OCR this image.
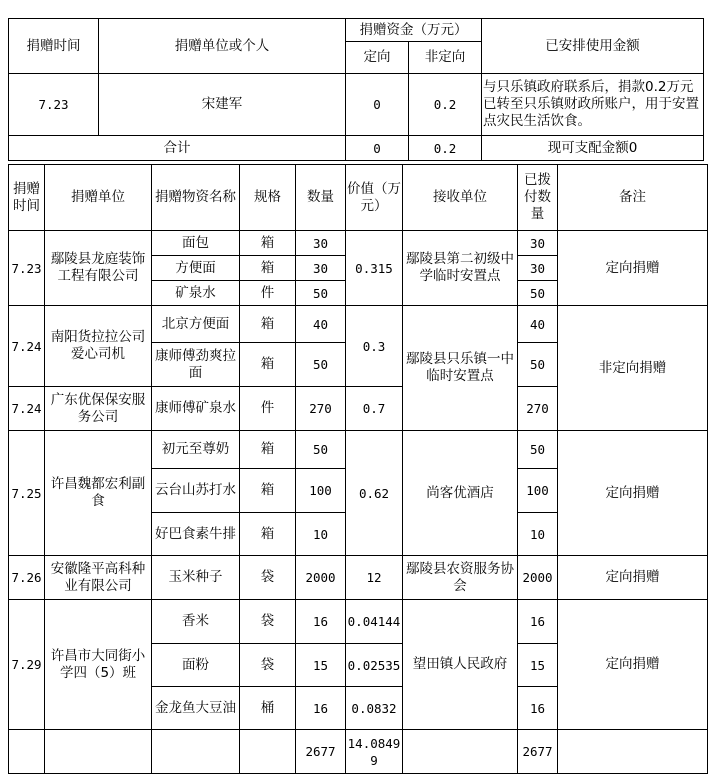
捐赠时间	捐赠单位或个人	捐赠资金（万元）		已安排使用金额
		定向	非定向	
7.23	宋建军	0	0.2	与只乐镇政府联系后，捐款0.2万元已转至只乐镇财政所账户，用于安置点灾民生活饮食。
合计		0	0.2	现可支配金额0
捐赠时间	捐赠单位	捐赠物资名称	规格	数量	价值（万元）	接收单位	已拨付数量	备注
7.23	鄢陵县龙庭装饰工程有限公司	面包	箱	30	0.315	鄢陵县第二初级中学临时安置点	30	定向捐赠
		方便面	箱	30			30	
		矿泉水	件	50			50	
7.24	南阳货拉拉公司爱心司机	北京方便面	箱	40	0.3	鄢陵县只乐镇一中临时安置点	40	非定向捐赠
		康师傅劲爽拉面	箱	50			50	
7.24	广东优保保安服务公司	康师傅矿泉水	件	270	0.7		270	
7.25	许昌魏都宏利副食	初元至尊奶	箱	50	0.62	尚客优酒店	50	定向捐赠
		云台山苏打水	箱	100			100	
		好巴食素牛排	箱	10			10	
7.26	安徽隆平高科种业有限公司	玉米种子	袋	2000	12	鄢陵县农资服务协会	2000	定向捐赠
7.29	许昌市大同街小学四（5）班	香米	袋	16	0.04144	望田镇人民政府	16	定向捐赠
		面粉	袋	15	0.02535		15	
		金龙鱼大豆油	桶	16	0.0832		16	
				2677	14.08499		2677	
